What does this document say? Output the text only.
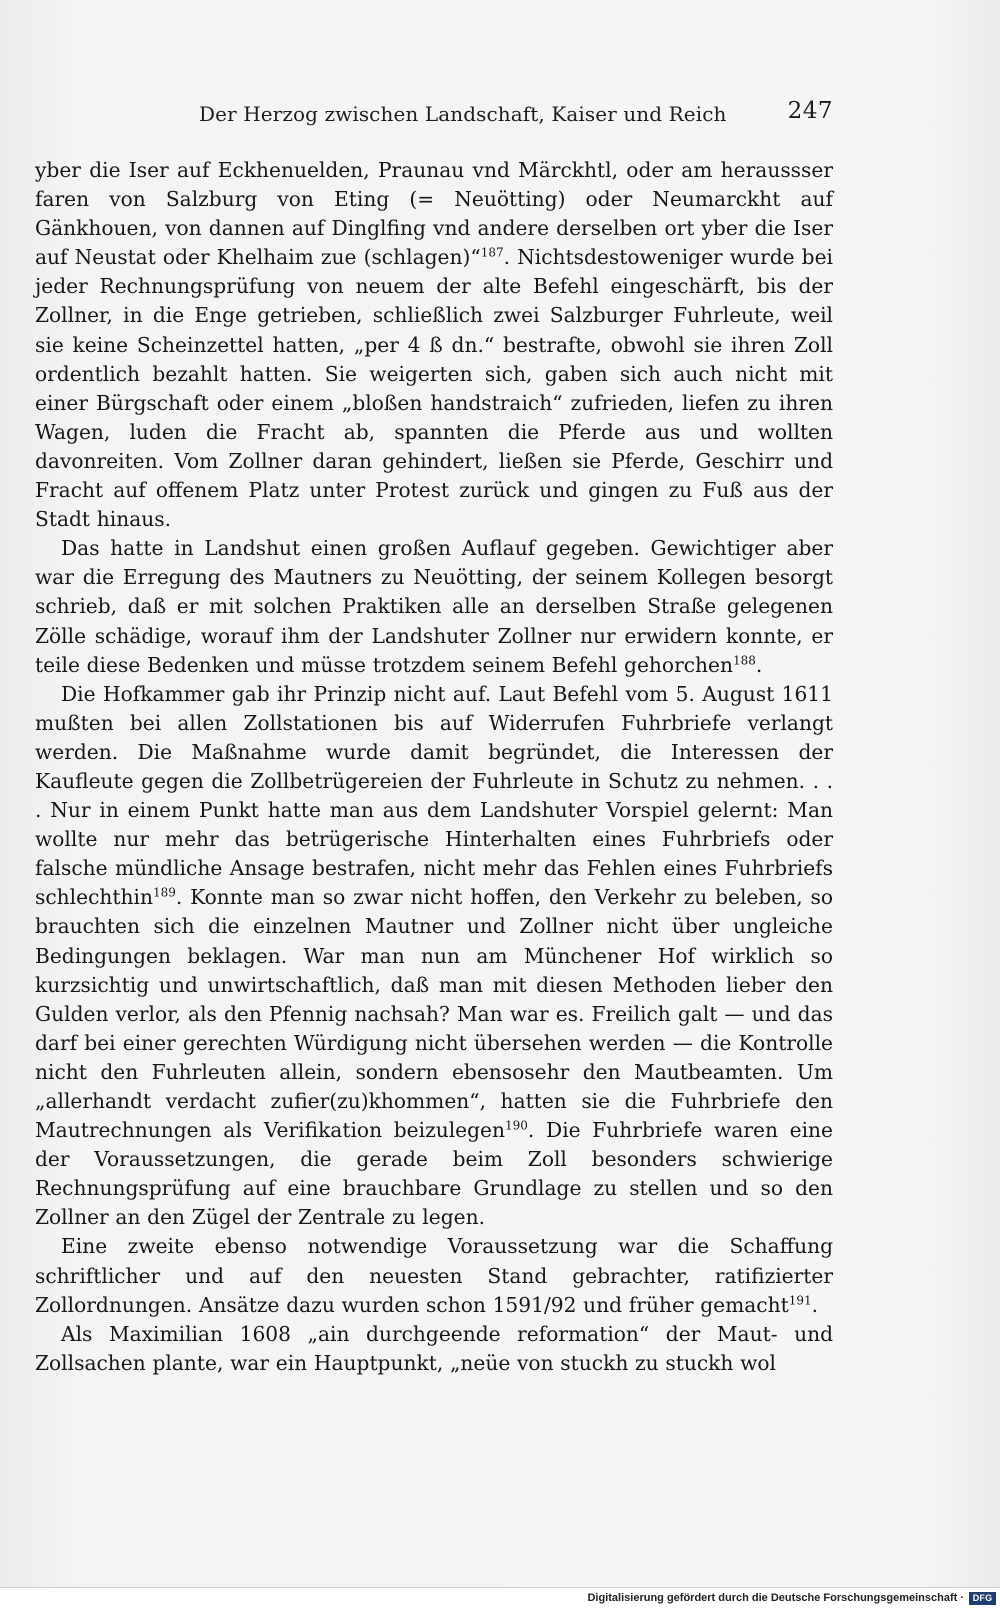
Der Herzog zwischen Landschaft, Kaiser und Reich	247

yber die Iser auf Eckhenuelden, Praunau vnd Märckhtl, oder am heraussser faren von Salzburg von Eting (= Neuötting) oder Neumarckht auf Gänkhouen, von dannen auf Dinglfing vnd andere derselben ort yber die Iser auf Neustat oder Khelhaim zue (schlagen)“$^{187}$. Nichtsdestoweniger wurde bei jeder Rechnungsprüfung von neuem der alte Befehl eingeschärft, bis der Zollner, in die Enge getrieben, schließlich zwei Salzburger Fuhrleute, weil sie keine Scheinzettel hatten, „per 4 ß dn.“ bestrafte, obwohl sie ihren Zoll ordentlich bezahlt hatten. Sie weigerten sich, gaben sich auch nicht mit einer Bürgschaft oder einem „bloßen handstraich“ zufrieden, liefen zu ihren Wagen, luden die Fracht ab, spannten die Pferde aus und wollten davonreiten. Vom Zollner daran gehindert, ließen sie Pferde, Geschirr und Fracht auf offenem Platz unter Protest zurück und gingen zu Fuß aus der Stadt hinaus.

Das hatte in Landshut einen großen Auflauf gegeben. Gewichtiger aber war die Erregung des Mautners zu Neuötting, der seinem Kollegen besorgt schrieb, daß er mit solchen Praktiken alle an derselben Straße gelegenen Zölle schädige, worauf ihm der Landshuter Zollner nur erwidern konnte, er teile diese Bedenken und müsse trotzdem seinem Befehl gehorchen$^{188}$.

Die Hofkammer gab ihr Prinzip nicht auf. Laut Befehl vom 5. August 1611 mußten bei allen Zollstationen bis auf Widerrufen Fuhrbriefe verlangt werden. Die Maßnahme wurde damit begründet, die Interessen der Kaufleute gegen die Zollbetrügereien der Fuhrleute in Schutz zu nehmen. . . . Nur in einem Punkt hatte man aus dem Landshuter Vorspiel gelernt: Man wollte nur mehr das betrügerische Hinterhalten eines Fuhrbriefs oder falsche mündliche Ansage bestrafen, nicht mehr das Fehlen eines Fuhrbriefs schlechthin$^{189}$. Konnte man so zwar nicht hoffen, den Verkehr zu beleben, so brauchten sich die einzelnen Mautner und Zollner nicht über ungleiche Bedingungen beklagen. War man nun am Münchener Hof wirklich so kurzsichtig und unwirtschaftlich, daß man mit diesen Methoden lieber den Gulden verlor, als den Pfennig nachsah? Man war es. Freilich galt — und das darf bei einer gerechten Würdigung nicht übersehen werden — die Kontrolle nicht den Fuhrleuten allein, sondern ebensosehr den Mautbeamten. Um „allerhandt verdacht zufier(zu)khommen“, hatten sie die Fuhrbriefe den Mautrechnungen als Verifikation beizulegen$^{190}$. Die Fuhrbriefe waren eine der Voraussetzungen, die gerade beim Zoll besonders schwierige Rechnungsprüfung auf eine brauchbare Grundlage zu stellen und so den Zollner an den Zügel der Zentrale zu legen.

Eine zweite ebenso notwendige Voraussetzung war die Schaffung schriftlicher und auf den neuesten Stand gebrachter, ratifizierter Zollordnungen. Ansätze dazu wurden schon 1591/92 und früher gemacht$^{191}$.

Als Maximilian 1608 „ain durchgeende reformation“ der Maut- und Zollsachen plante, war ein Hauptpunkt, „neüe von stuckh zu stuckh wol

Digitalisierung gefördert durch die Deutsche Forschungsgemeinschaft · DFG
